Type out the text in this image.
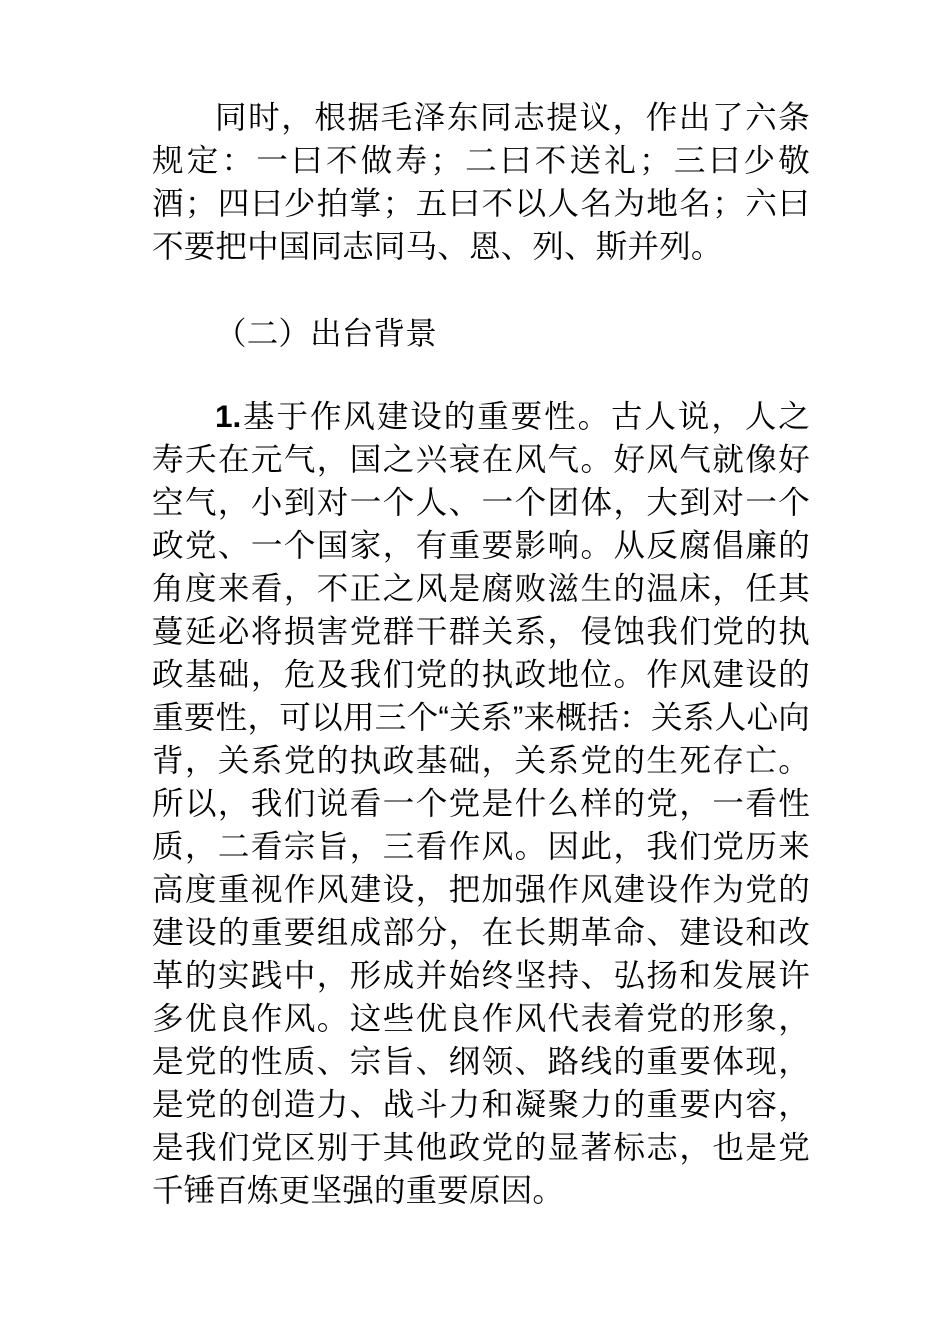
同时，根据毛泽东同志提议，作出了六条规定：一曰不做寿；二曰不送礼；三曰少敬酒；四曰少拍掌；五曰不以人名为地名；六曰不要把中国同志同马、恩、列、斯并列。

（二）出台背景

1.基于作风建设的重要性。古人说，人之寿夭在元气，国之兴衰在风气。好风气就像好空气，小到对一个人、一个团体，大到对一个政党、一个国家，有重要影响。从反腐倡廉的角度来看，不正之风是腐败滋生的温床，任其蔓延必将损害党群干群关系，侵蚀我们党的执政基础，危及我们党的执政地位。作风建设的重要性，可以用三个“关系”来概括：关系人心向背，关系党的执政基础，关系党的生死存亡。所以，我们说看一个党是什么样的党，一看性质，二看宗旨，三看作风。因此，我们党历来高度重视作风建设，把加强作风建设作为党的建设的重要组成部分，在长期革命、建设和改革的实践中，形成并始终坚持、弘扬和发展许多优良作风。这些优良作风代表着党的形象，是党的性质、宗旨、纲领、路线的重要体现，是党的创造力、战斗力和凝聚力的重要内容，是我们党区别于其他政党的显著标志，也是党千锤百炼更坚强的重要原因。
